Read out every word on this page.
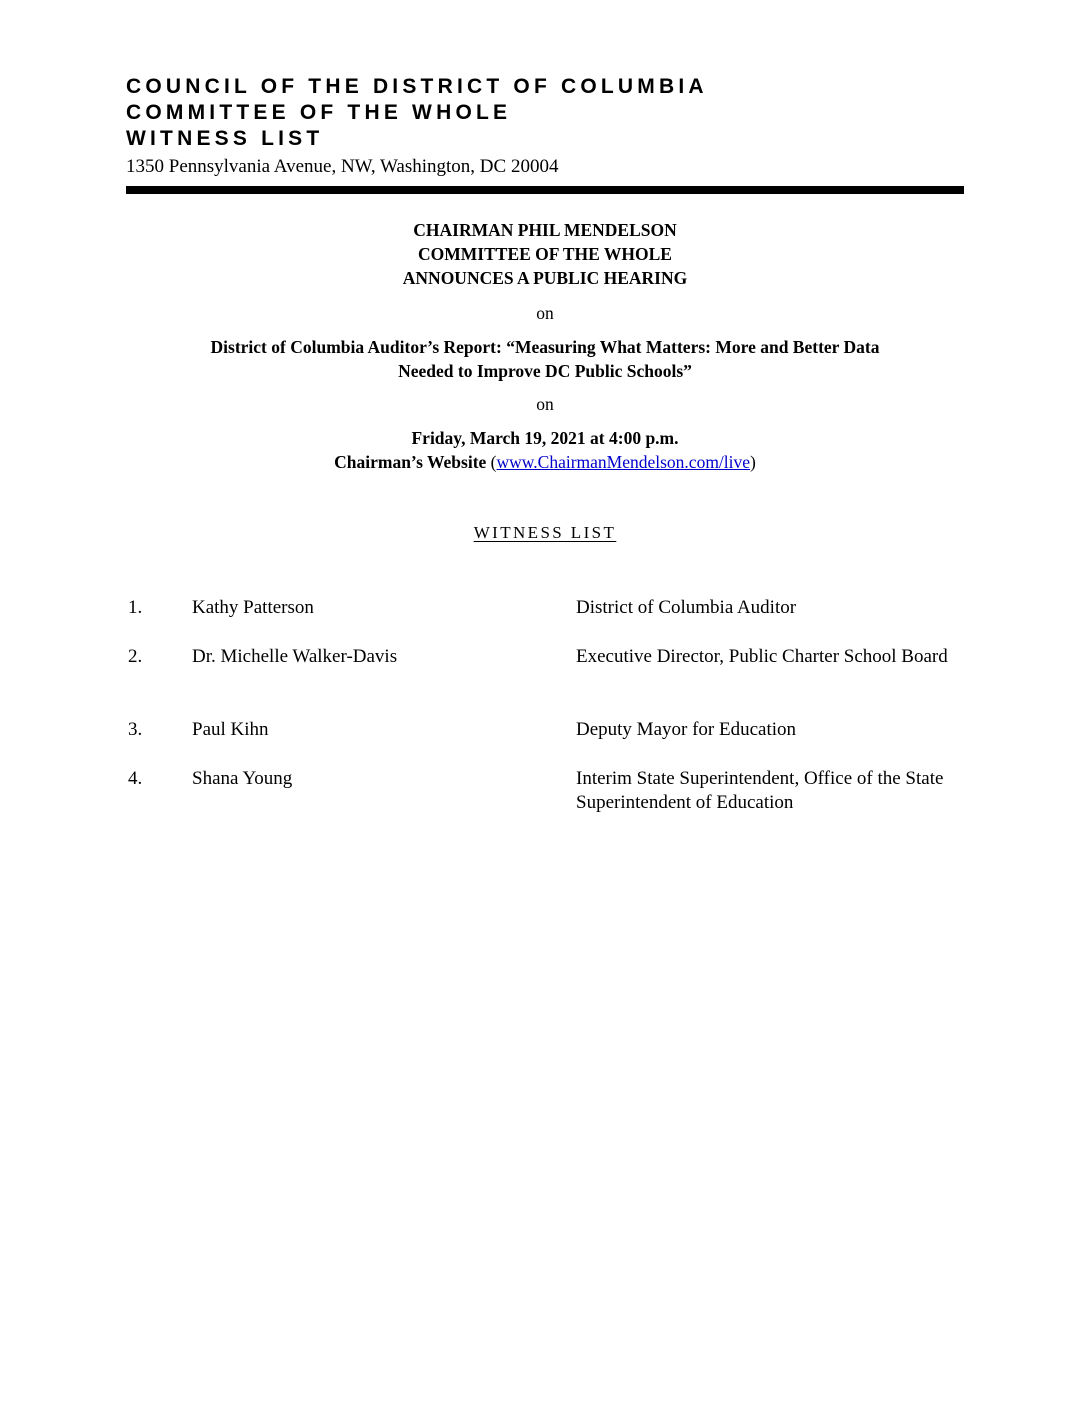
COUNCIL OF THE DISTRICT OF COLUMBIA

COMMITTEE OF THE WHOLE

WITNESS LIST

1350 Pennsylvania Avenue, NW, Washington, DC 20004

CHAIRMAN PHIL MENDELSON

COMMITTEE OF THE WHOLE

ANNOUNCES A PUBLIC HEARING

on

District of Columbia Auditor’s Report: “Measuring What Matters: More and Better Data

Needed to Improve DC Public Schools”

on

Friday, March 19, 2021 at 4:00 p.m.

Chairman’s Website (www.ChairmanMendelson.com/live)

WITNESS LIST
1.	Kathy Patterson	District of Columbia Auditor
2.	Dr. Michelle Walker-Davis	Executive Director, Public Charter School Board
3.	Paul Kihn	Deputy Mayor for Education
4.	Shana Young	Interim State Superintendent, Office of the State Superintendent of Education
